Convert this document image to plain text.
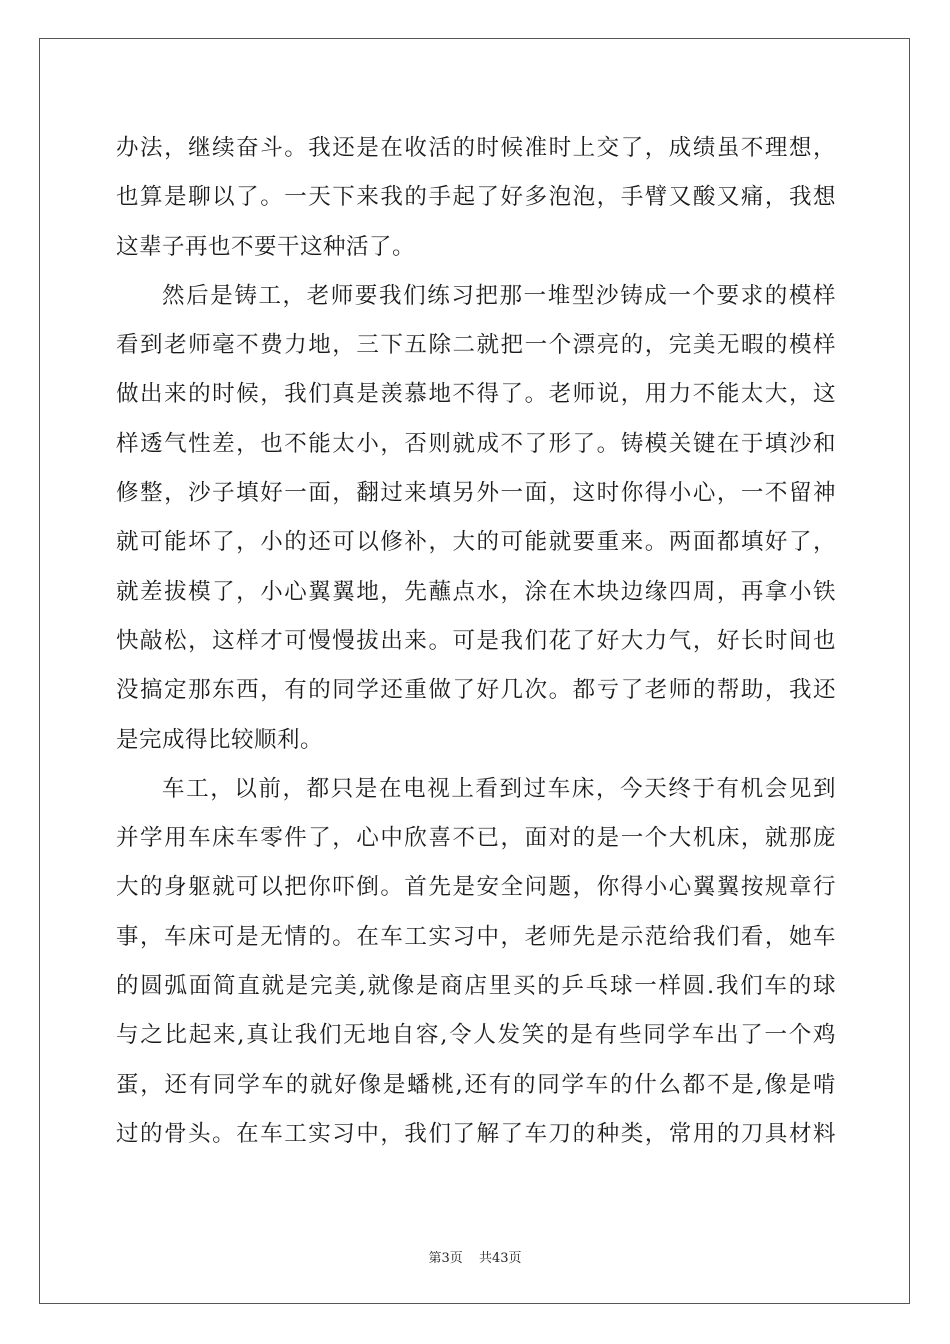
办法，继续奋斗。我还是在收活的时候准时上交了，成绩虽不理想，
也算是聊以了。一天下来我的手起了好多泡泡，手臂又酸又痛，我想
这辈子再也不要干这种活了。
然后是铸工，老师要我们练习把那一堆型沙铸成一个要求的模样
看到老师毫不费力地，三下五除二就把一个漂亮的，完美无暇的模样
做出来的时候，我们真是羡慕地不得了。老师说，用力不能太大，这
样透气性差，也不能太小，否则就成不了形了。铸模关键在于填沙和
修整，沙子填好一面，翻过来填另外一面，这时你得小心，一不留神
就可能坏了，小的还可以修补，大的可能就要重来。两面都填好了，
就差拔模了，小心翼翼地，先蘸点水，涂在木块边缘四周，再拿小铁
快敲松，这样才可慢慢拔出来。可是我们花了好大力气，好长时间也
没搞定那东西，有的同学还重做了好几次。都亏了老师的帮助，我还
是完成得比较顺利。
车工，以前，都只是在电视上看到过车床，今天终于有机会见到
并学用车床车零件了，心中欣喜不已，面对的是一个大机床，就那庞
大的身躯就可以把你吓倒。首先是安全问题，你得小心翼翼按规章行
事，车床可是无情的。在车工实习中，老师先是示范给我们看，她车
的圆弧面简直就是完美,就像是商店里买的乒乓球一样圆.我们车的球
与之比起来,真让我们无地自容,令人发笑的是有些同学车出了一个鸡
蛋，还有同学车的就好像是蟠桃,还有的同学车的什么都不是,像是啃
过的骨头。在车工实习中，我们了解了车刀的种类，常用的刀具材料
第3页 共43页
